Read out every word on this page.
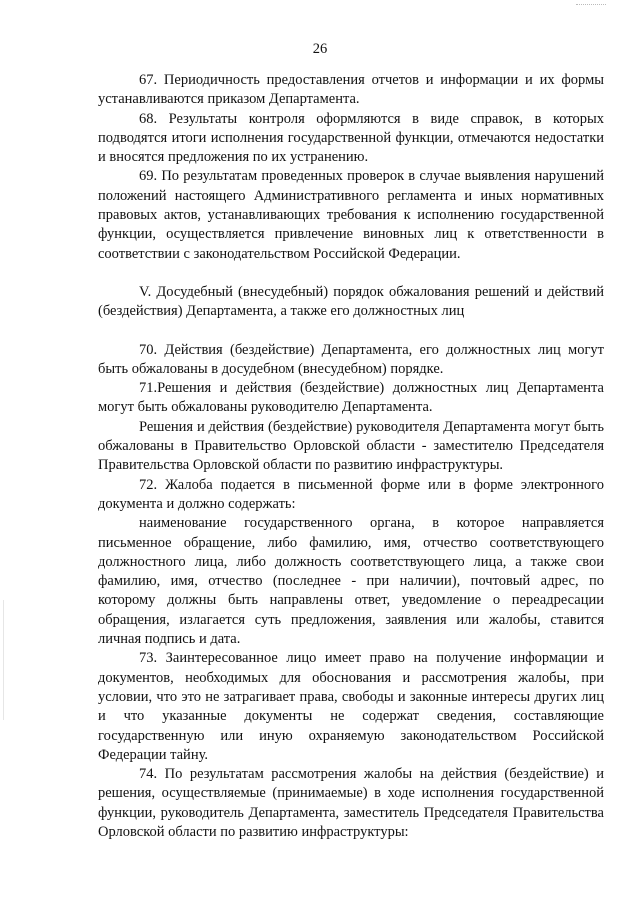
26

67. Периодичность предоставления отчетов и информации и их формы устанавливаются приказом Департамента.

68. Результаты контроля оформляются в виде справок, в которых подводятся итоги исполнения государственной функции, отмечаются недостатки и вносятся предложения по их устранению.

69. По результатам проведенных проверок в случае выявления нарушений положений настоящего Административного регламента и иных нормативных правовых актов, устанавливающих требования к исполнению государственной функции, осуществляется привлечение виновных лиц к ответственности в соответствии с законодательством Российской Федерации.

V. Досудебный (внесудебный) порядок обжалования решений и действий (бездействия) Департамента, а также его должностных лиц

70. Действия (бездействие) Департамента, его должностных лиц могут быть обжалованы в досудебном (внесудебном) порядке.

71.Решения и действия (бездействие) должностных лиц Департамента могут быть обжалованы руководителю Департамента.

Решения и действия (бездействие) руководителя Департамента могут быть обжалованы в Правительство Орловской области - заместителю Председателя Правительства Орловской области по развитию инфраструктуры.

72. Жалоба подается в письменной форме или в форме электронного документа и должно содержать:

наименование государственного органа, в которое направляется письменное обращение, либо фамилию, имя, отчество соответствующего должностного лица, либо должность соответствующего лица, а также свои фамилию, имя, отчество (последнее - при наличии), почтовый адрес, по которому должны быть направлены ответ, уведомление о переадресации обращения, излагается суть предложения, заявления или жалобы, ставится личная подпись и дата.

73. Заинтересованное лицо имеет право на получение информации и документов, необходимых для обоснования и рассмотрения жалобы, при условии, что это не затрагивает права, свободы и законные интересы других лиц и что указанные документы не содержат сведения, составляющие государственную или иную охраняемую законодательством Российской Федерации тайну.

74. По результатам рассмотрения жалобы на действия (бездействие) и решения, осуществляемые (принимаемые) в ходе исполнения государственной функции, руководитель Департамента, заместитель Председателя Правительства Орловской области по развитию инфраструктуры:
